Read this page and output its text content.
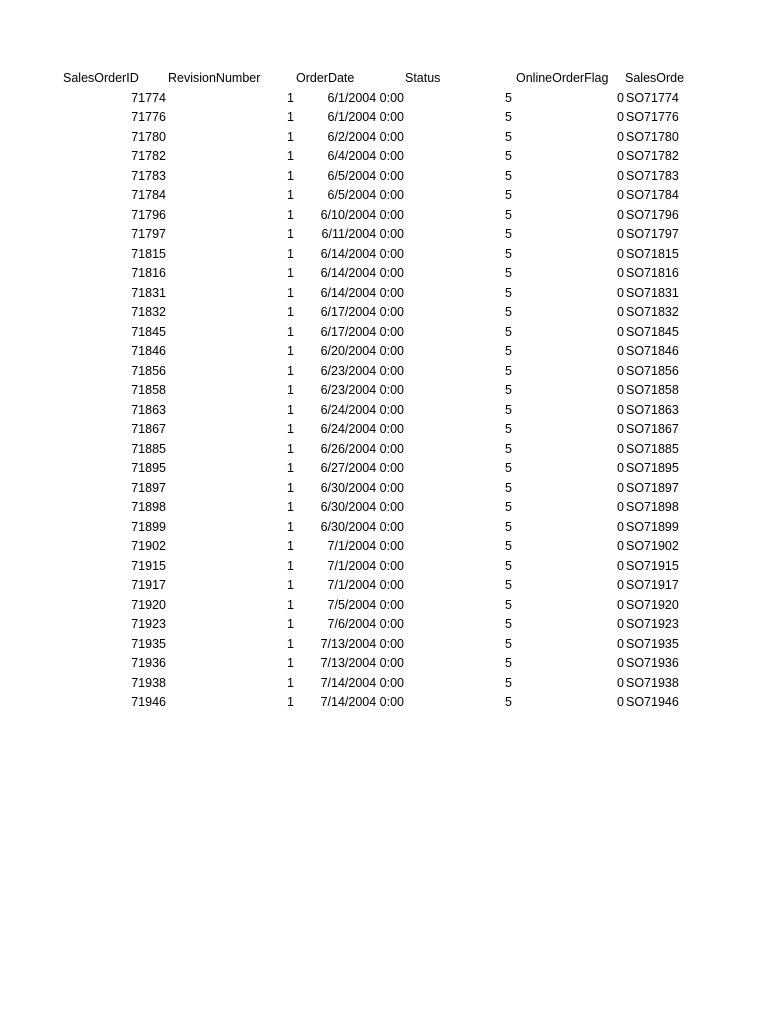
SalesOrderID	RevisionNumber	OrderDate	Status	OnlineOrderFlag	SalesOrde
71774	1	6/1/2004 0:00	5	0 SO71774
71776	1	6/1/2004 0:00	5	0 SO71776
71780	1	6/2/2004 0:00	5	0 SO71780
71782	1	6/4/2004 0:00	5	0 SO71782
71783	1	6/5/2004 0:00	5	0 SO71783
71784	1	6/5/2004 0:00	5	0 SO71784
71796	1	6/10/2004 0:00	5	0 SO71796
71797	1	6/11/2004 0:00	5	0 SO71797
71815	1	6/14/2004 0:00	5	0 SO71815
71816	1	6/14/2004 0:00	5	0 SO71816
71831	1	6/14/2004 0:00	5	0 SO71831
71832	1	6/17/2004 0:00	5	0 SO71832
71845	1	6/17/2004 0:00	5	0 SO71845
71846	1	6/20/2004 0:00	5	0 SO71846
71856	1	6/23/2004 0:00	5	0 SO71856
71858	1	6/23/2004 0:00	5	0 SO71858
71863	1	6/24/2004 0:00	5	0 SO71863
71867	1	6/24/2004 0:00	5	0 SO71867
71885	1	6/26/2004 0:00	5	0 SO71885
71895	1	6/27/2004 0:00	5	0 SO71895
71897	1	6/30/2004 0:00	5	0 SO71897
71898	1	6/30/2004 0:00	5	0 SO71898
71899	1	6/30/2004 0:00	5	0 SO71899
71902	1	7/1/2004 0:00	5	0 SO71902
71915	1	7/1/2004 0:00	5	0 SO71915
71917	1	7/1/2004 0:00	5	0 SO71917
71920	1	7/5/2004 0:00	5	0 SO71920
71923	1	7/6/2004 0:00	5	0 SO71923
71935	1	7/13/2004 0:00	5	0 SO71935
71936	1	7/13/2004 0:00	5	0 SO71936
71938	1	7/14/2004 0:00	5	0 SO71938
71946	1	7/14/2004 0:00	5	0 SO71946
